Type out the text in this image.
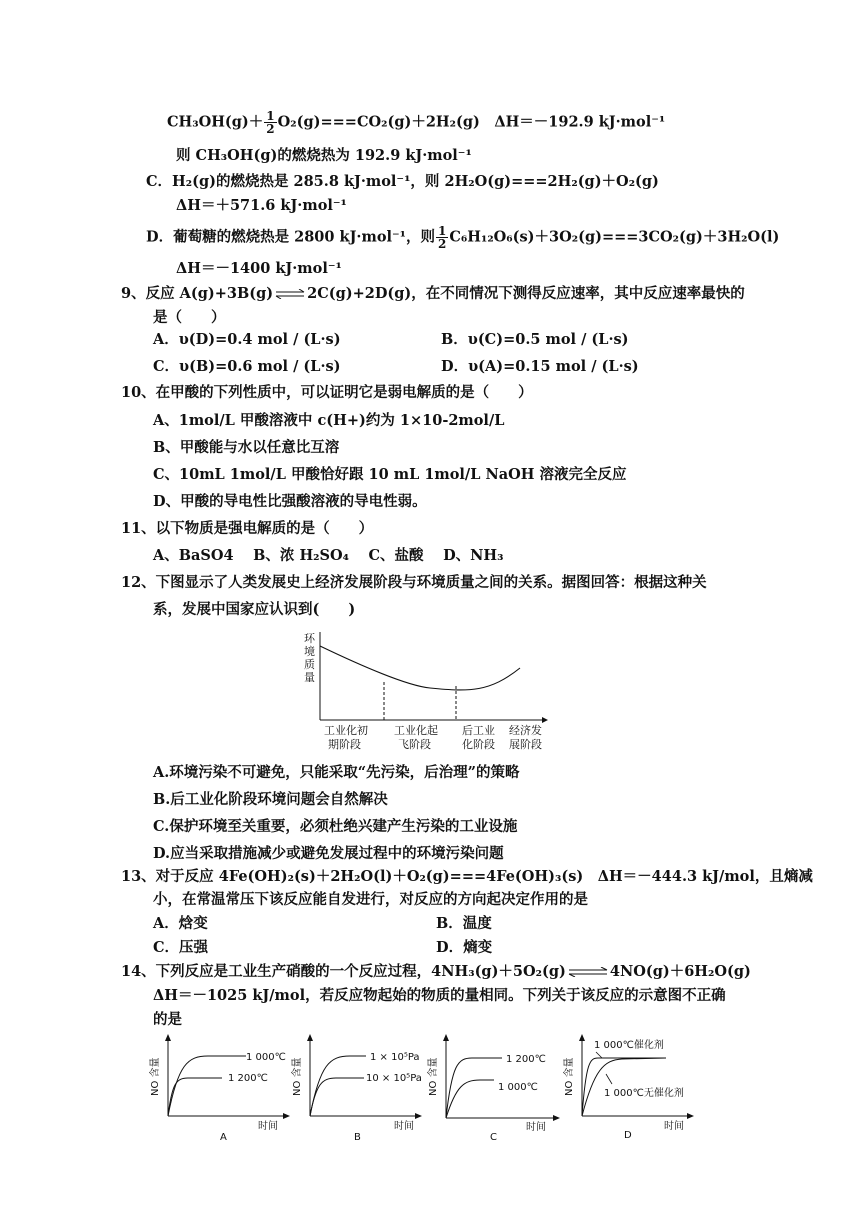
$CH_3OH(g)+ \frac{1}{2} O_2(g)===CO_2(g)+2H_2(g)$　ΔH＝－192.9 kJ·mol⁻¹
则 CH₃OH(g)的燃烧热为 192.9 kJ·mol⁻¹
C．H₂(g)的燃烧热是 285.8 kJ·mol⁻¹，则 2H₂O(g)===2H₂(g)＋O₂(g)
ΔH＝＋571.6 kJ·mol⁻¹
D．葡萄糖的燃烧热是 2800 kJ·mol⁻¹，则 $\frac{1}{2} C_6H_{12}O_6(s)+3O_2(g)===3CO_2(g)+3H_2O(l)$
ΔH＝－1400 kJ·mol⁻¹
9、反应 A(g)+3B(g) ⇌ 2C(g)+2D(g)，在不同情况下测得反应速率，其中反应速率最快的
是（　　）
A．υ(D)=0.4 mol / (L·s)	B．υ(C)=0.5 mol / (L·s)
C．υ(B)=0.6 mol / (L·s)	D．υ(A)=0.15 mol / (L·s)
10、在甲酸的下列性质中，可以证明它是弱电解质的是（　　）
A、1mol/L 甲酸溶液中 c(H+)约为 1×10-2mol/L
B、甲酸能与水以任意比互溶
C、10mL 1mol/L 甲酸恰好跟 10 mL 1mol/L NaOH 溶液完全反应
D、甲酸的导电性比强酸溶液的导电性弱。
11、以下物质是强电解质的是（　　）
A、BaSO4　 B、浓 H₂SO₄　 C、盐酸　 D、NH₃
12、下图显示了人类发展史上经济发展阶段与环境质量之间的关系。据图回答：根据这种关
系，发展中国家应认识到(　　)
环
境
质
量
工业化初
期阶段
工业化起
飞阶段
后工业
化阶段
经济发
展阶段
A.环境污染不可避免，只能采取“先污染，后治理”的策略
B.后工业化阶段环境问题会自然解决
C.保护环境至关重要，必须杜绝兴建产生污染的工业设施
D.应当采取措施减少或避免发展过程中的环境污染问题
13、对于反应 4Fe(OH)₂(s)＋2H₂O(l)＋O₂(g)===4Fe(OH)₃(s)　ΔH＝－444.3 kJ/mol，且熵减
小，在常温常压下该反应能自发进行，对反应的方向起决定作用的是
A．焓变	B．温度
C．压强	D．熵变
14、下列反应是工业生产硝酸的一个反应过程，4NH₃(g)＋5O₂(g) ⇌ 4NO(g)＋6H₂O(g)
ΔH＝－1025 kJ/mol，若反应物起始的物质的量相同。下列关于该反应的示意图不正确
的是
NO 含量	1 000℃
1 200℃
时间
A
NO 含量	1 × 10⁵Pa
10 × 10⁵Pa
时间
B
NO 含量	1 200℃
1 000℃
时间
C
NO 含量
1 000℃催化剂
1 000℃无催化剂
时间
D
